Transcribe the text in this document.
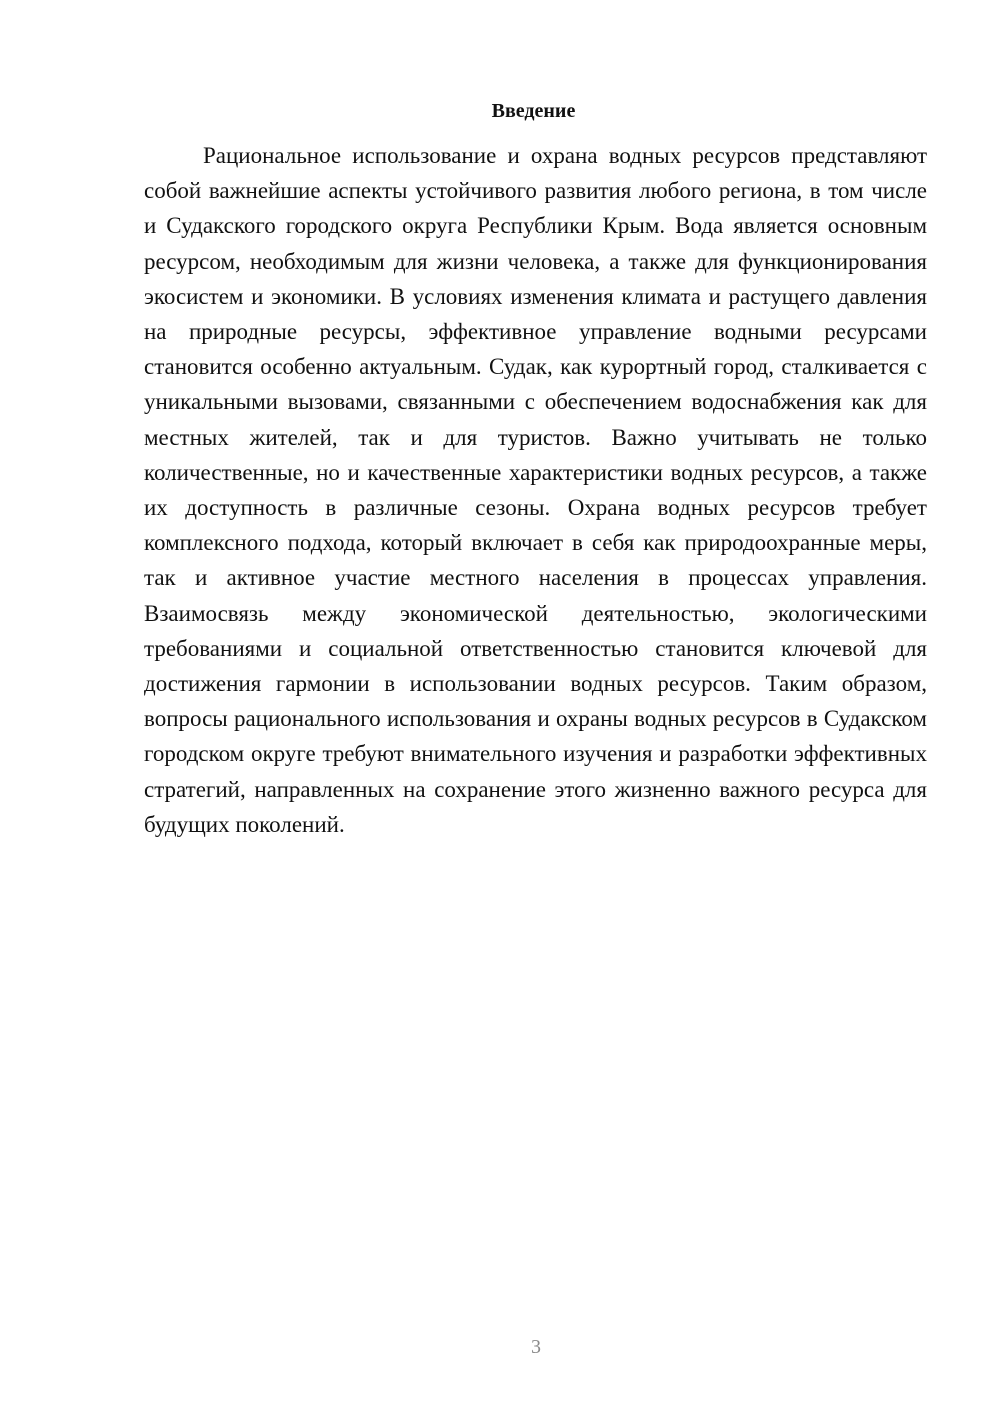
Введение

Рациональное использование и охрана водных ресурсов представляют собой важнейшие аспекты устойчивого развития любого региона, в том числе и Судакского городского округа Республики Крым. Вода является основным ресурсом, необходимым для жизни человека, а также для функционирования экосистем и экономики. В условиях изменения климата и растущего давления на природные ресурсы, эффективное управление водными ресурсами становится особенно актуальным. Судак, как курортный город, сталкивается с уникальными вызовами, связанными с обеспечением водоснабжения как для местных жителей, так и для туристов. Важно учитывать не только количественные, но и качественные характеристики водных ресурсов, а также их доступность в различные сезоны. Охрана водных ресурсов требует комплексного подхода, который включает в себя как природоохранные меры, так и активное участие местного населения в процессах управления. Взаимосвязь между экономической деятельностью, экологическими требованиями и социальной ответственностью становится ключевой для достижения гармонии в использовании водных ресурсов. Таким образом, вопросы рационального использования и охраны водных ресурсов в Судакском городском округе требуют внимательного изучения и разработки эффективных стратегий, направленных на сохранение этого жизненно важного ресурса для будущих поколений.

3
